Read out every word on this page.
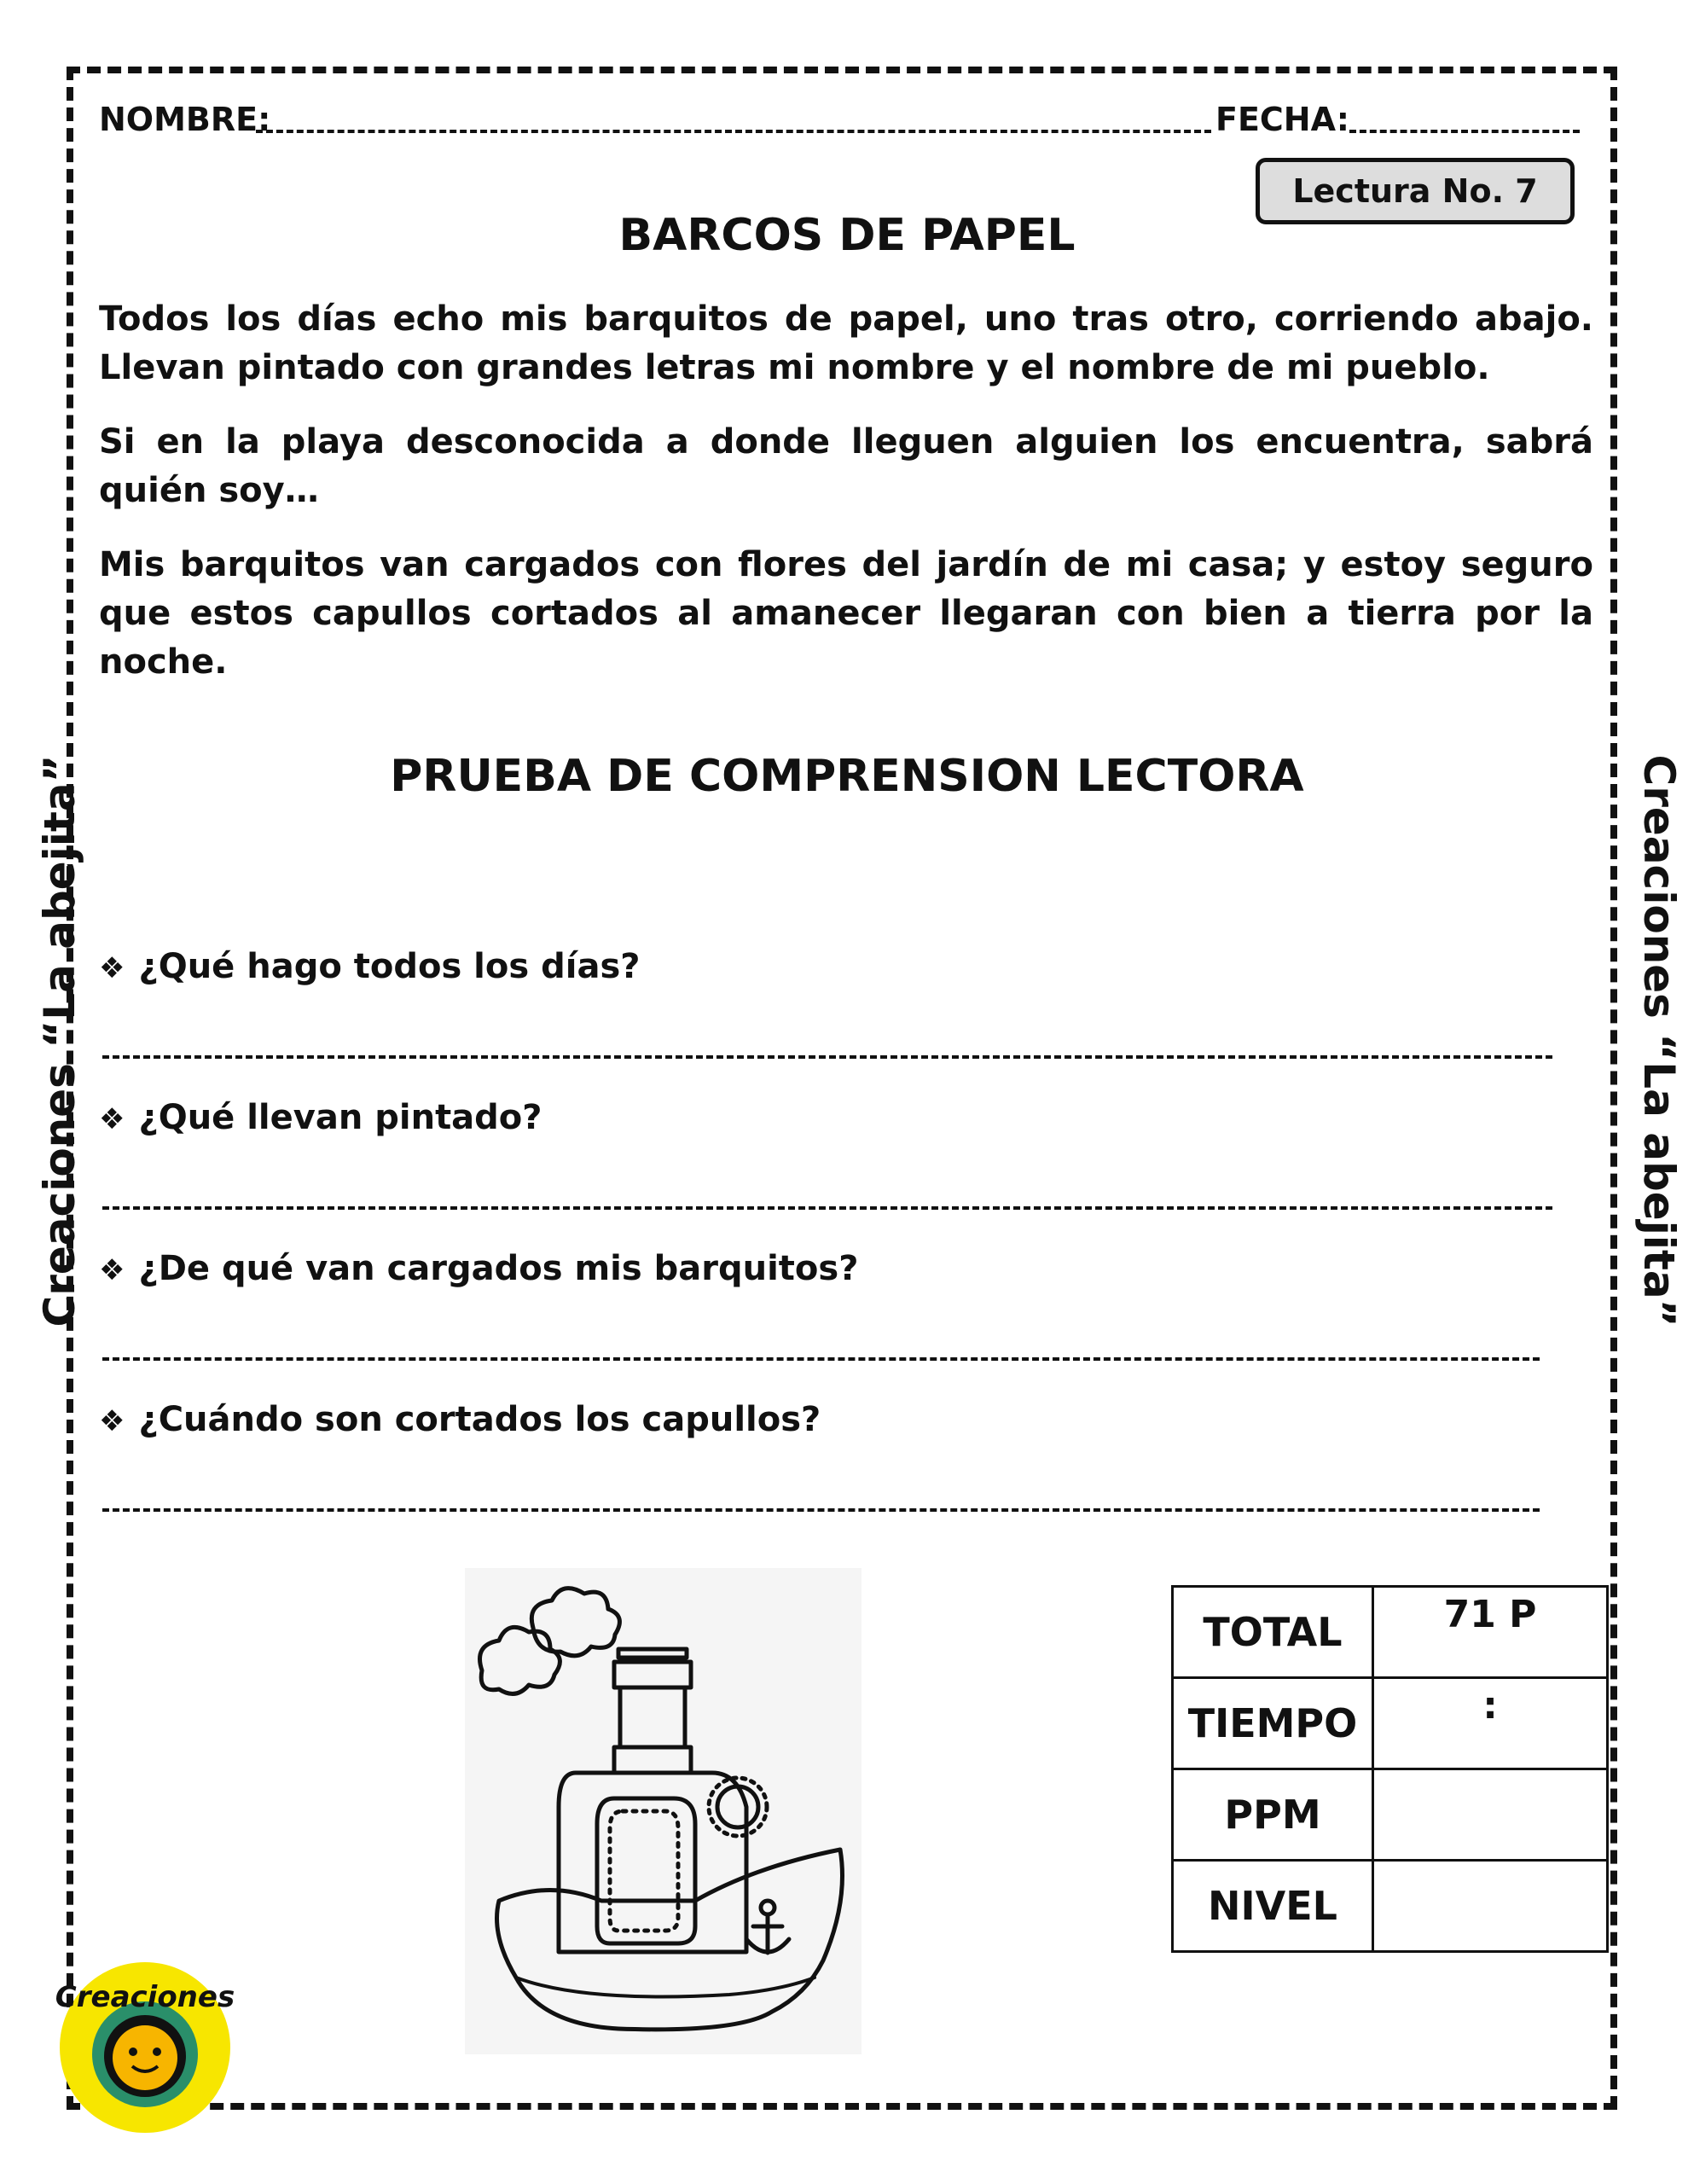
Creaciones “La abejita”	Creaciones “La abejita”
NOMBRE:	FECHA:
Lectura No. 7
BARCOS DE PAPEL

Todos los días echo mis barquitos de papel, uno tras otro, corriendo abajo. Llevan pintado con grandes letras mi nombre y el nombre de mi pueblo.

Si en la playa desconocida a donde lleguen alguien los encuentra, sabrá quién soy…

Mis barquitos van cargados con flores del jardín de mi casa; y estoy seguro que estos capullos cortados al amanecer llegaran con bien a tierra por la noche.

PRUEBA DE COMPRENSION LECTORA
❖ ¿Qué hago todos los días?
❖ ¿Qué llevan pintado?
❖ ¿De qué van cargados mis barquitos?
❖ ¿Cuándo son cortados los capullos?
TOTAL	71 P
TIEMPO	:
PPM	
NIVEL	
Creaciones
